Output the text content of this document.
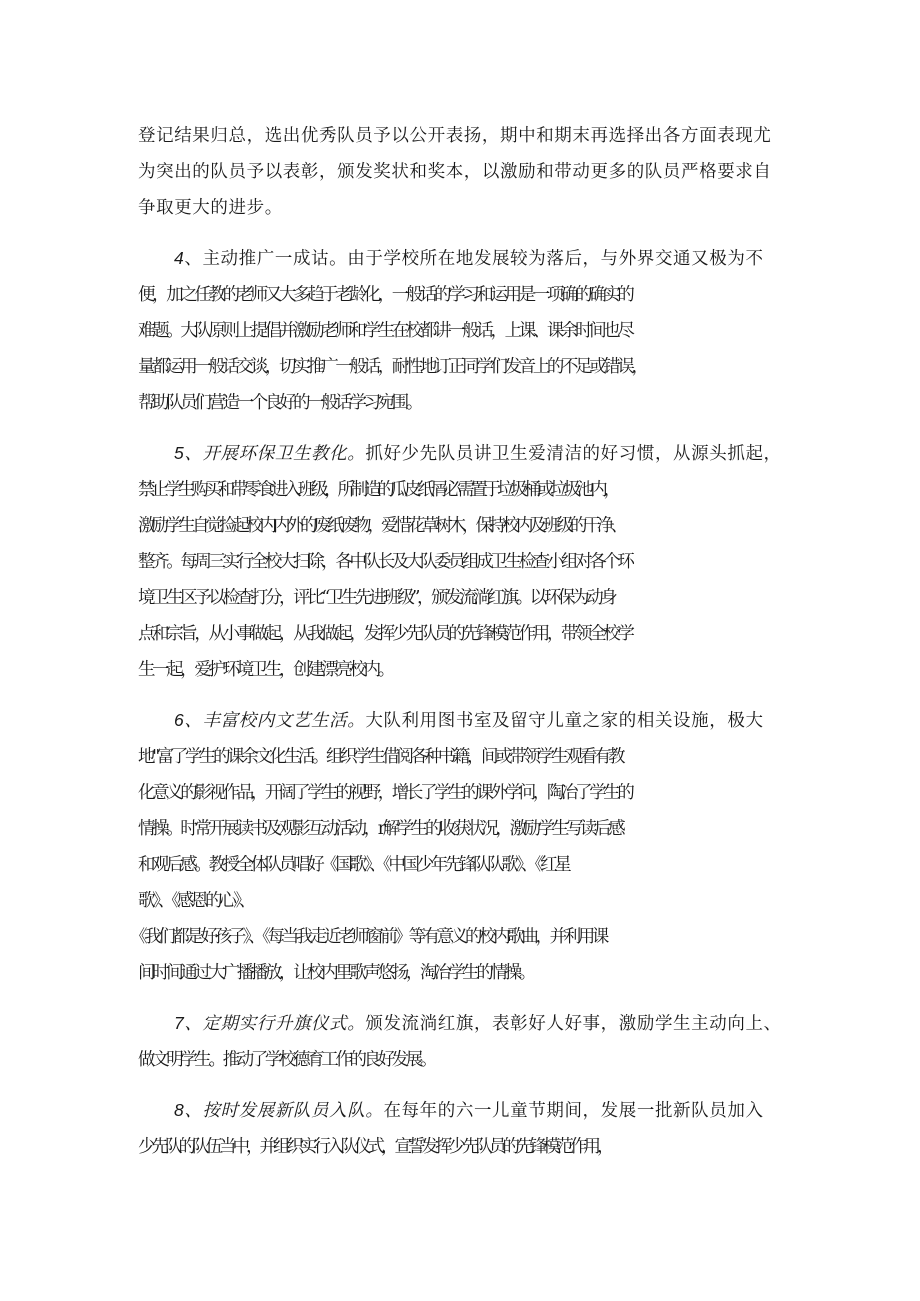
登记结果归总，选出优秀队员予以公开表扬，期中和期末再选择出各方面表现尤
为突出的队员予以表彰，颁发奖状和奖本，以激励和带动更多的队员严格要求自
争取更大的进步。

4、主动推广一成诂。由于学校所在地发展较为落后，与外界交通又极为不
便，加之任教的老师又大多趋于老龄化，一般话的学习和运用是一项确的确实的
难题。大队原则上提倡并激励老师和学生在校都讲一般话，上课、课余时间也尽
量都运用一般话交谈，切实推广一般话，耐性地订正同学们发音上的不足或错误，
帮助队员们营造一个良好的一般话学习宛围。

5、开展环保卫生教化。抓好少先队员讲卫生爱清洁的好习惯，从源头抓起，
禁止学生购买和带零食进入班级，所制造的瓜皮纸屑必需置于垃圾桶或垃圾池内，
激励学生自觉捡起校内内外的废纸废物，爱惜花草树木，保持校内及班级的干净、
整齐。每周三实行全校大扫除，各中队长及大队委员组成卫生检查小组对各个环
境卫生区予以检查打分，评比“卫生先进班级”，颁发流淌红旗。以环保为动身
点和宗旨，从小事做起，从我做起，发挥少先队员的先锋模范作用，带领全校学
生一起，爱护环境卫生，创建漂亮校内。

6、丰富校内文艺生活。大队利用图书室及留守儿童之家的相关设施，极大
地"富了学生的课余文化生活。组织学生借阅各种书籍，间或带领学生观看有教
化意义的影视作品，开阔了学生的视野，增长了学生的课外学问，陶冶了学生的
情操。时常开展读书及观影互动活动，r解学生的收获状况，激励学生写读后感
和观后感。教授全体队员唱好《国歌》、《中国少年先锋队队歌》、《红星
歌》、《感恩的心》、
《我们都是好孩子》、《每当我走近老师窗前》等有意义的校内歌曲，并利用课
间时间通过大广播播放，让校内里歌声悠扬，淘冶学生的情操。

7、定期实行升旗仪式。颁发流淌红旗，表彰好人好事，激励学生主动向上、
做文明学生。推动了学校德育工作的良好发展。

8、按时发展新队员入队。在每年的六一儿童节期间，发展一批新队员加入
少先队的队伍当中，并组织实行入队仪式，宣誓发挥少先队员的先锋模范作用，
